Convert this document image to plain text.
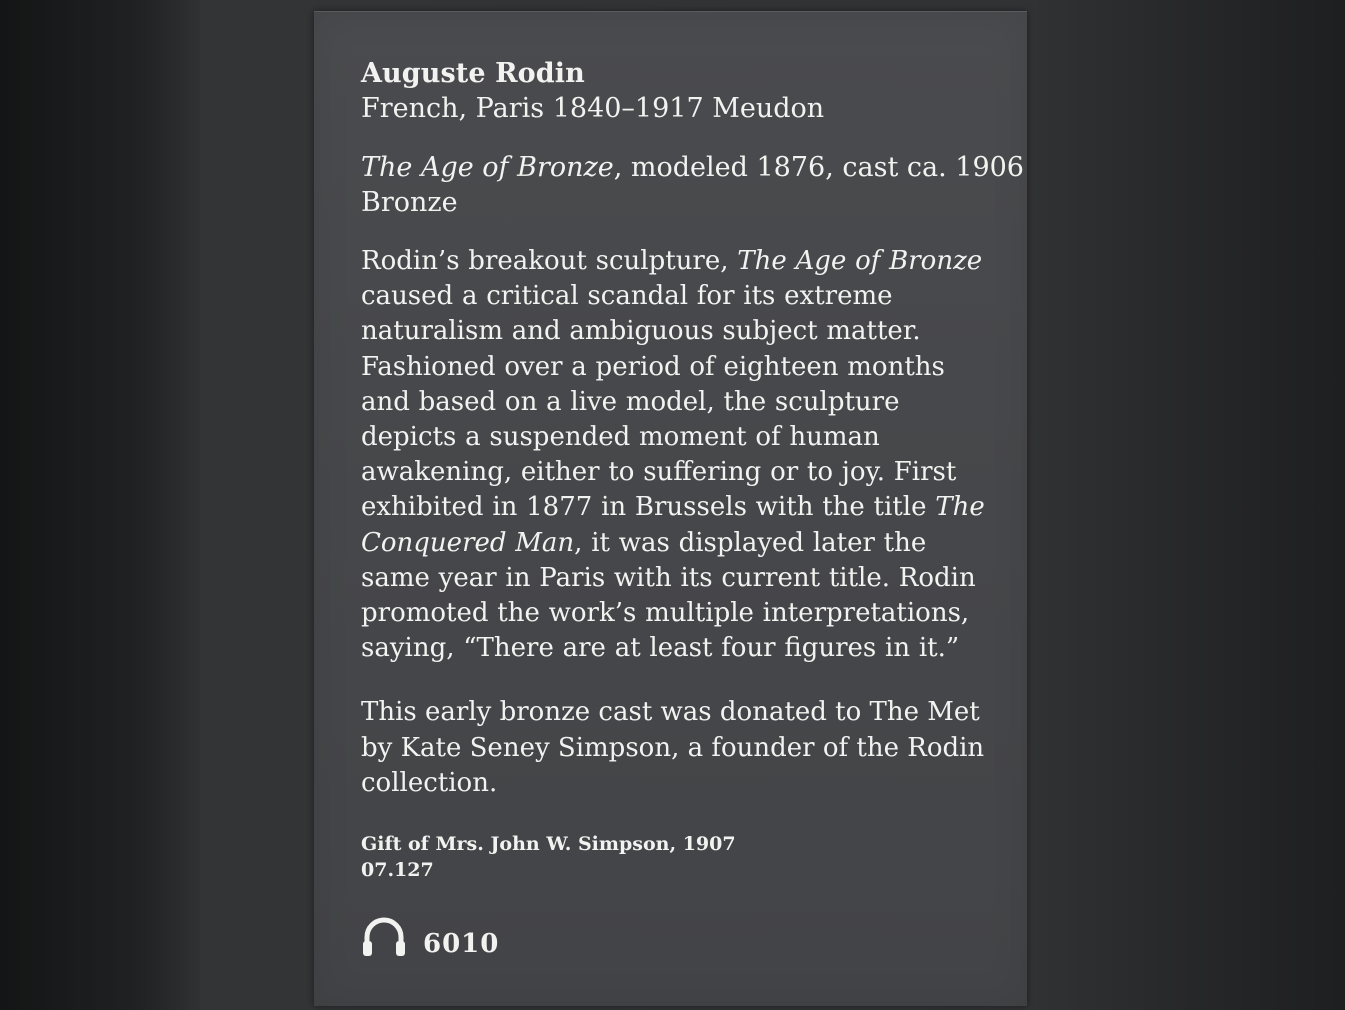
Auguste Rodin

French, Paris 1840–1917 Meudon

The Age of Bronze, modeled 1876, cast ca. 1906

Bronze

Rodin’s breakout sculpture, The Age of Bronze caused a critical scandal for its extreme naturalism and ambiguous subject matter. Fashioned over a period of eighteen months and based on a live model, the sculpture depicts a suspended moment of human awakening, either to suffering or to joy. First exhibited in 1877 in Brussels with the title The Conquered Man, it was displayed later the same year in Paris with its current title. Rodin promoted the work’s multiple interpretations, saying, “There are at least four figures in it.”

This early bronze cast was donated to The Met by Kate Seney Simpson, a founder of the Rodin collection.
Gift of Mrs. John W. Simpson, 1907
07.127
6010
